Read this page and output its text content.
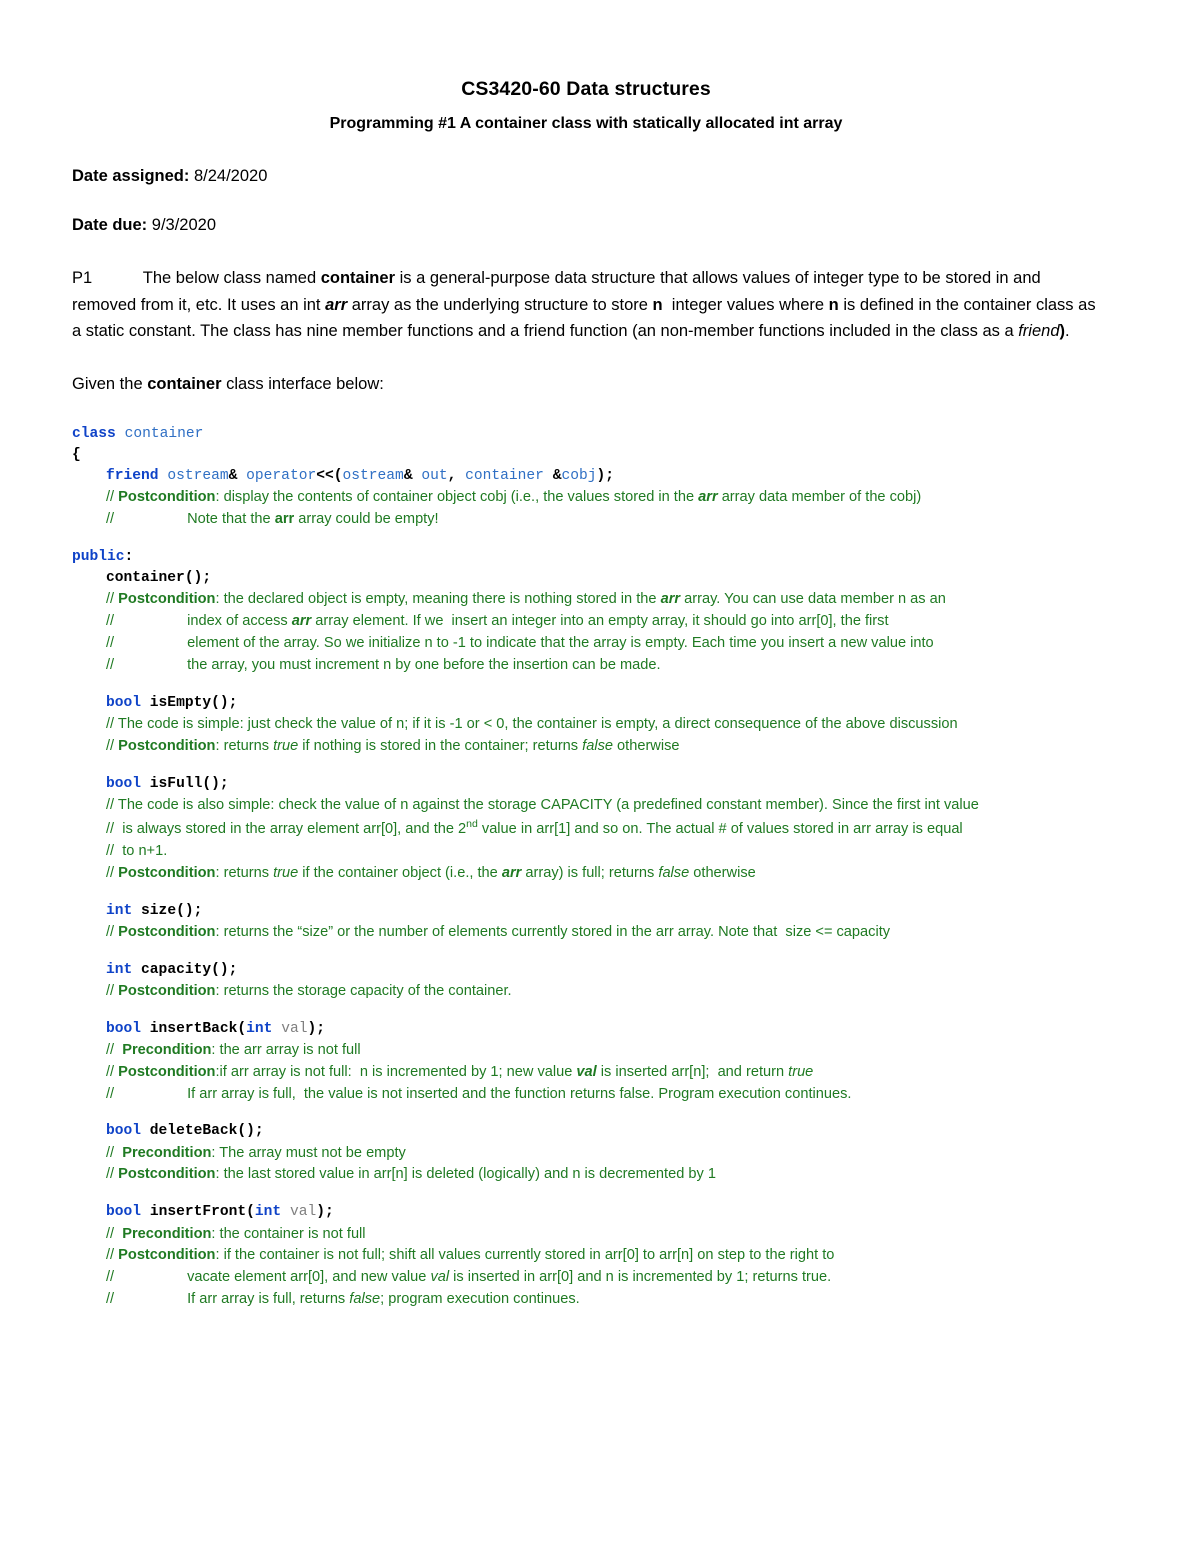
CS3420-60 Data structures
Programming #1 A container class with statically allocated int array
Date assigned: 8/24/2020
Date due: 9/3/2020
P1	The below class named container is a general-purpose data structure that allows values of integer type to be stored in and removed from it, etc. It uses an int arr array as the underlying structure to store n  integer values where n is defined in the container class as a static constant. The class has nine member functions and a friend function (an non-member functions included in the class as a friend).
Given the container class interface below:
class container
{
friend ostream& operator<<(ostream& out, container &cobj);
// Postcondition: display the contents of container object cobj (i.e., the values stored in the arr array data member of the cobj)
//                  Note that the arr array could be empty!
public:
container();
// Postcondition: the declared object is empty, meaning there is nothing stored in the arr array. You can use data member n as an
//                  index of access arr array element. If we  insert an integer into an empty array, it should go into arr[0], the first
//                  element of the array. So we initialize n to -1 to indicate that the array is empty. Each time you insert a new value into
//                  the array, you must increment n by one before the insertion can be made.
bool isEmpty();
// The code is simple: just check the value of n; if it is -1 or < 0, the container is empty, a direct consequence of the above discussion
// Postcondition: returns true if nothing is stored in the container; returns false otherwise
bool isFull();
// The code is also simple: check the value of n against the storage CAPACITY (a predefined constant member). Since the first int value
//  is always stored in the array element arr[0], and the 2nd value in arr[1] and so on. The actual # of values stored in arr array is equal
//  to n+1.
// Postcondition: returns true if the container object (i.e., the arr array) is full; returns false otherwise
int size();
// Postcondition: returns the “size” or the number of elements currently stored in the arr array. Note that  size <= capacity
int capacity();
// Postcondition: returns the storage capacity of the container.
bool insertBack(int val);
//  Precondition: the arr array is not full
// Postcondition:if arr array is not full:  n is incremented by 1; new value val is inserted arr[n];  and return true
//                  If arr array is full,  the value is not inserted and the function returns false. Program execution continues.
bool deleteBack();
//  Precondition: The array must not be empty
// Postcondition: the last stored value in arr[n] is deleted (logically) and n is decremented by 1
bool insertFront(int val);
//  Precondition: the container is not full
// Postcondition: if the container is not full; shift all values currently stored in arr[0] to arr[n] on step to the right to
//                  vacate element arr[0], and new value val is inserted in arr[0] and n is incremented by 1; returns true.
//                  If arr array is full, returns false; program execution continues.
